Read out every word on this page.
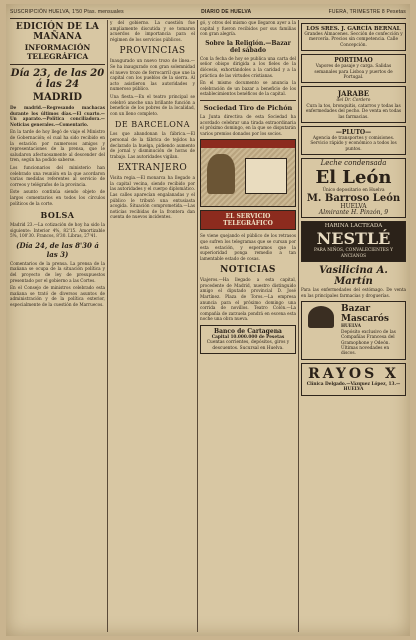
SUSCRIPCIÓN HUELVA, 1'50 Ptas. mensuales	DIARIO DE HUELVA	FUERA, TRIMESTRE 8 Pesetas
EDICIÓN DE LA MAÑANA
INFORMACIÓN TELEGRÁFICA
Día 23, de las 20 á las 24
MADRID

De madrid.—Regresando machacas durante los últimos días.—El cuarto.—Un aparato.—Política conciliadora.—Noticias generales.—Comentario.

En la tarde de hoy llegó de viaje el Ministro de Gobernación; el cual ha sido recibido en la estación por numerosos amigos y representaciones de la prensa, que le saludaron afectuosamente al descender del tren, según ha podido saberse.

Los funcionarios del ministerio han celebrado una reunión en la que acordaron varias medidas referentes al servicio de correos y telégrafos de la provincia.

Este asunto continúa siendo objeto de largos comentarios en todos los círculos políticos de la corte.

BOLSA

Madrid 23.—La cotización de hoy ha sido la siguiente: Interior 4%, 82'15. Amortizable 5%, 100'30. Francos, 8'30. Libras, 27'41.

(Día 24, de las 8'30 á las 3)

Comentarios de la prensa. La prensa de la mañana se ocupa de la situación política y del proyecto de ley de presupuestos presentado por el gobierno a las Cortes.

En el Consejo de ministros celebrado esta mañana se trató de diversos asuntos de administración y de la política exterior, especialmente de la cuestión de Marruecos.

y del gobierno. La cuestión fue ampliamente discutida y se tomaron acuerdos de importancia para el régimen de los servicios públicos.

PROVINCIAS

Inaugurado un nuevo trozo de línea.—Se ha inaugurado con gran solemnidad el nuevo trozo de ferrocarril que une la capital con los pueblos de la sierra. Al acto asistieron las autoridades y numeroso público.

Una fiesta.—En el teatro principal se celebró anoche una brillante función a beneficio de los pobres de la localidad, con un lleno completo.

DE BARCELONA

Los que abandonan la fábrica.—El personal de la fábrica de tejidos ha declarado la huelga, pidiendo aumento de jornal y disminución de horas de trabajo. Las autoridades vigilan.

EXTRANJERO

Visita regia.—El monarca ha llegado a la capital vecina, siendo recibido por las autoridades y el cuerpo diplomático. Las calles aparecían engalanadas y el público le tributó una entusiasta acogida. Situación comprometida.—Las noticias recibidas de la frontera dan cuenta de nuevos incidentes.

gó, y otros del mismo que llegaron ayer a la capital y fueron recibidos por sus familias con gran alegría.

Sobre la Religión.—Bazar del sábado

Con la fecha de hoy se publica una carta del señor obispo dirigida a los fieles de la diócesis, exhortándoles a la caridad y a la práctica de las virtudes cristianas.

En el mismo documento se anuncia la celebración de un bazar a beneficio de los establecimientos benéficos de la capital.

Sociedad Tiro de Pichón

La Junta directiva de esta Sociedad ha acordado celebrar una tirada extraordinaria el próximo domingo, en la que se disputarán varios premios donados por los socios.

EL SERVICIO TELEGRÁFICO

Se viene quejando el público de los retrasos que sufren los telegramas que se cursan por esta estación, y esperamos que la superioridad ponga remedio a tan lamentable estado de cosas.

NOTICIAS

Viajeros.—Ha llegado a esta capital, procedente de Madrid, nuestro distinguido amigo el diputado provincial D. José Martínez. Plaza de Toros.—La empresa anuncia para el próximo domingo una corrida de novillos. Teatro Colón.—La compañía de zarzuela pondrá en escena esta noche una obra nueva.

Banco de Cartagena
Capital 10.000.000 de Pesetas
Cuentas corrientes, depósitos, giros y descuentos. Sucursal en Huelva.
LOS SRES. J. GARCÍA BERNAL
Grandes Almacenes. Sección de confección y mercería. Precios sin competencia. Calle Concepción.
PORTIMAO
Vapores de pasaje y carga. Salidas semanales para Lisboa y puertos de Portugal.
JARABE
del Dr. Cordero
Cura la tos, bronquitis, catarros y todas las enfermedades del pecho. De venta en todas las farmacias.
—PLUTO—
Agencia de transportes y comisiones. Servicio rápido y económico a todos los puntos.
Leche condensada
El León
Único depositario en Huelva
M. Barroso León
HUELVA
Almirante H. Pinzón, 9
HARINA LACTEADA
NESTLÉ
PARA NIÑOS, CONVALECIENTES Y ANCIANOS
Vasilicina A. Martín

Para las enfermedades del estómago. De venta en las principales farmacias y droguerías.

Bazar Mascarós
HUELVA
Depósito exclusivo de las Compañías Francesa del Gramophone y Odeón. Últimas novedades en discos.
RAYOS X
Clínica Delgado.—Vázquez López, 13.—HUELVA
